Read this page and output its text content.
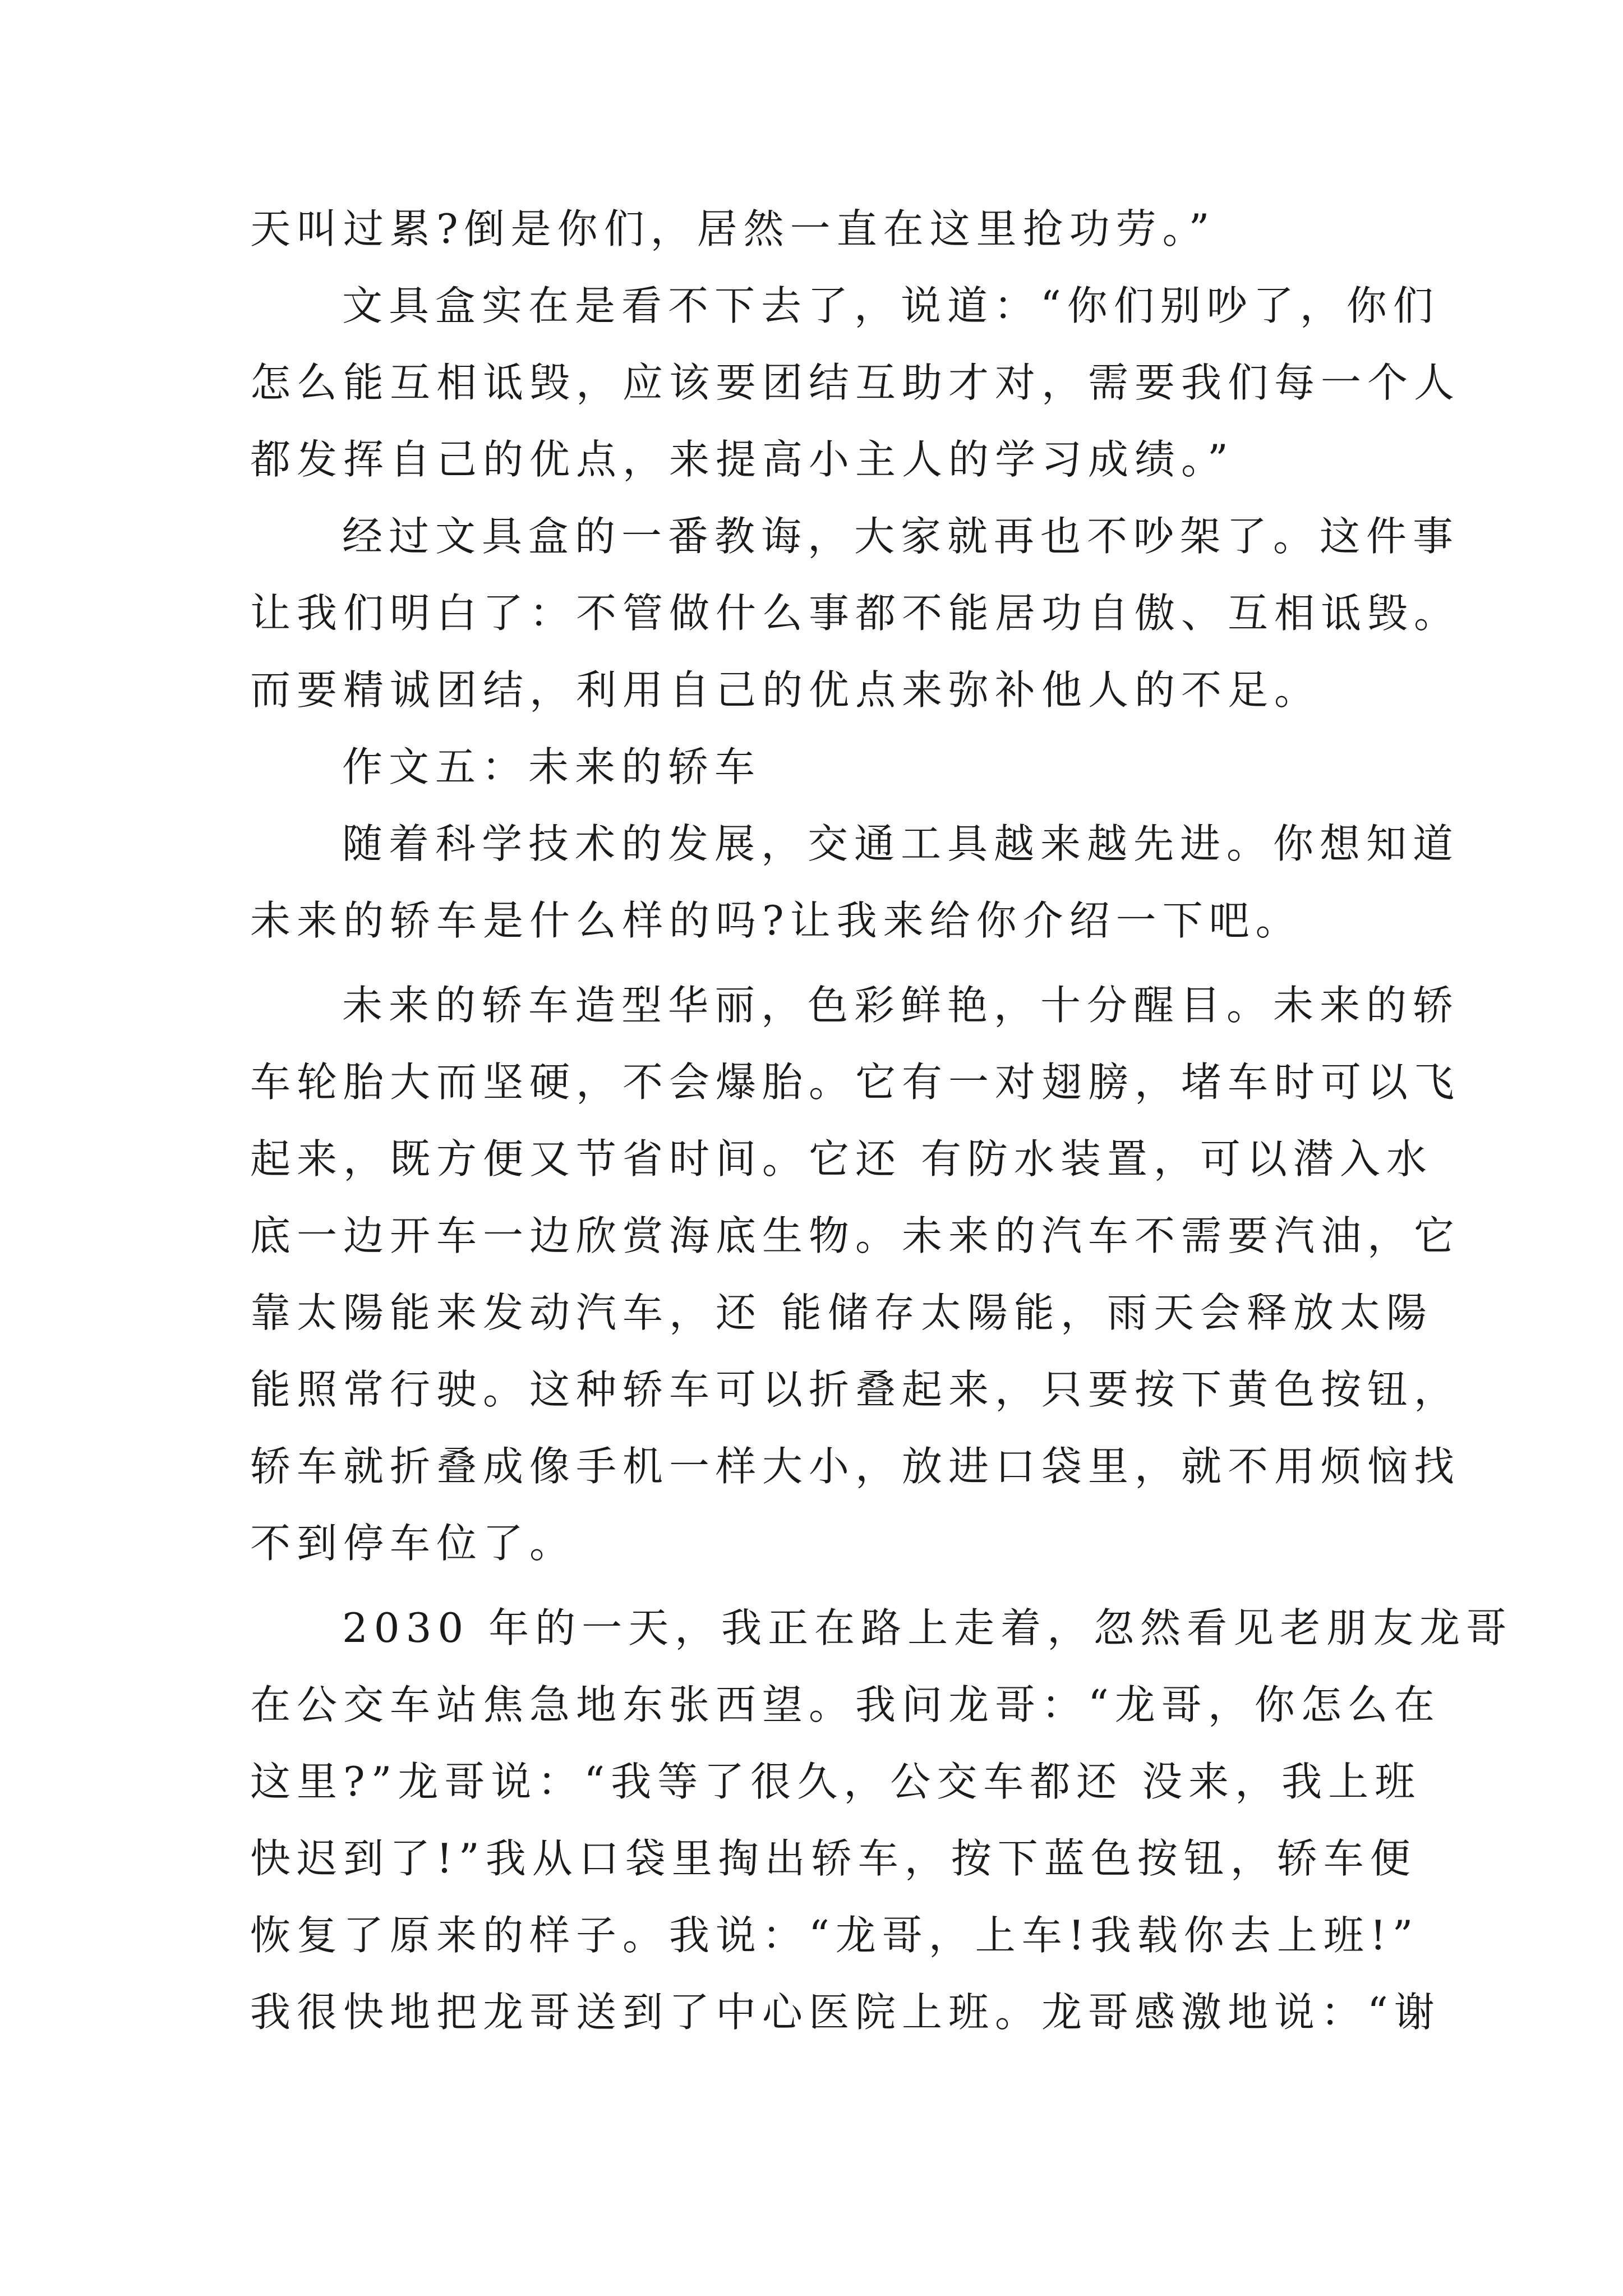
天叫过累?倒是你们，居然一直在这里抢功劳。”
文具盒实在是看不下去了，说道：“你们别吵了，你们
怎么能互相诋毁，应该要团结互助才对，需要我们每一个人
都发挥自己的优点，来提高小主人的学习成绩。”
经过文具盒的一番教诲，大家就再也不吵架了。这件事
让我们明白了：不管做什么事都不能居功自傲、互相诋毁。
而要精诚团结，利用自己的优点来弥补他人的不足。
作文五：未来的轿车
随着科学技术的发展，交通工具越来越先进。你想知道
未来的轿车是什么样的吗?让我来给你介绍一下吧。
未来的轿车造型华丽，色彩鲜艳，十分醒目。未来的轿
车轮胎大而坚硬，不会爆胎。它有一对翅膀，堵车时可以飞
起来，既方便又节省时间。它还 有防水装置，可以潜入水
底一边开车一边欣赏海底生物。未来的汽车不需要汽油，它
靠太陽能来发动汽车，还 能储存太陽能，雨天会释放太陽
能照常行驶。这种轿车可以折叠起来，只要按下黄色按钮，
轿车就折叠成像手机一样大小，放进口袋里，就不用烦恼找
不到停车位了。
2030 年的一天，我正在路上走着，忽然看见老朋友龙哥
在公交车站焦急地东张西望。我问龙哥：“龙哥，你怎么在
这里?”龙哥说：“我等了很久，公交车都还 没来，我上班
快迟到了!”我从口袋里掏出轿车，按下蓝色按钮，轿车便
恢复了原来的样子。我说：“龙哥，上车!我载你去上班!”
我很快地把龙哥送到了中心医院上班。龙哥感激地说：“谢
